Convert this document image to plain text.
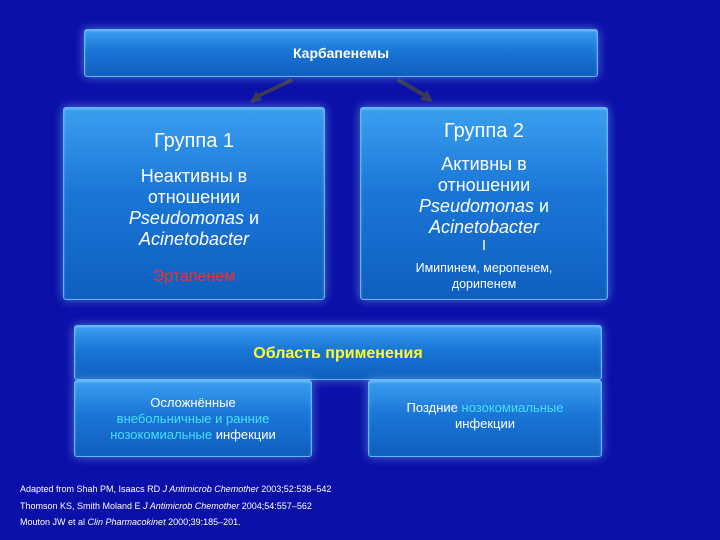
Карбапенемы
Группа 1
Неактивны в
отношении
Pseudomonas и
Acinetobacter
Эртапенем
Группа 2
Активны в
отношении
Pseudomonas и
Acinetobacter
I
Имипинем, меропенем,
дорипенем
Область применения
Осложнённые
внебольничные и ранние
нозокомиальные инфекции
Поздние нозокомиальные
инфекции
Adapted from Shah PM, Isaacs RD J Antimicrob Chemother 2003;52:538–542
Thomson KS, Smith Moland E J Antimicrob Chemother 2004;54:557–562
Mouton JW et al Clin Pharmacokinet 2000;39:185–201.
